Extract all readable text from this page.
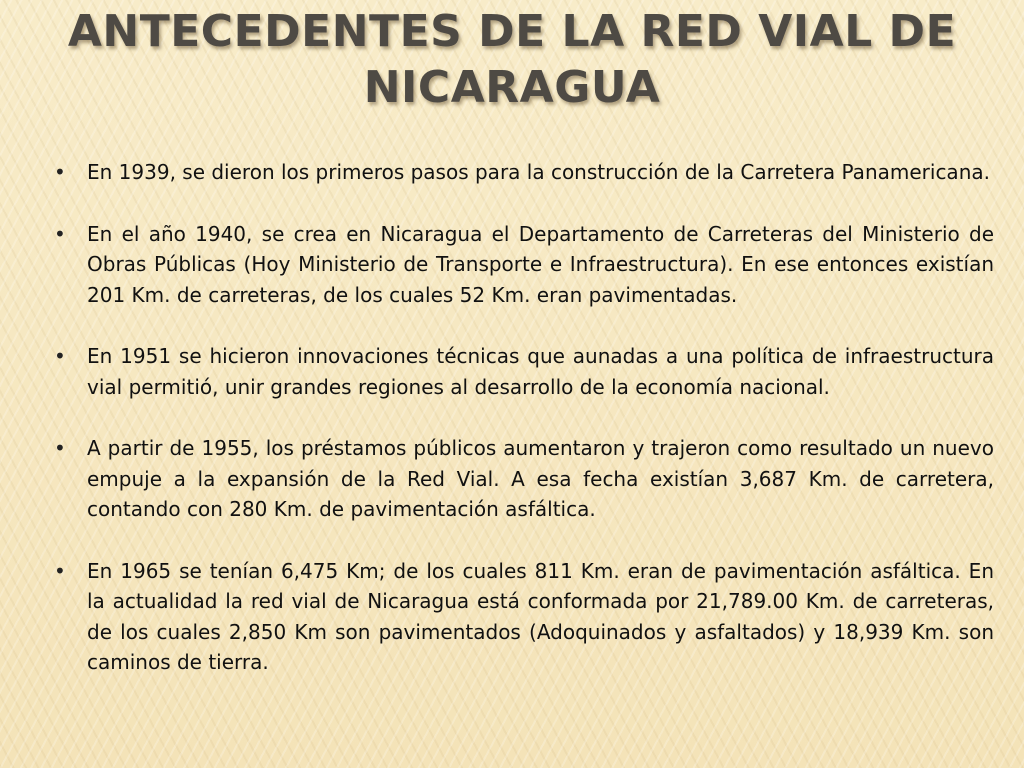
ANTECEDENTES DE LA RED VIAL DE NICARAGUA
• En 1939, se dieron los primeros pasos para la construcción de la Carretera Panamericana.
• En el año 1940, se crea en Nicaragua el Departamento de Carreteras del Ministerio de Obras Públicas (Hoy Ministerio de Transporte e Infraestructura). En ese entonces existían 201 Km. de carreteras, de los cuales 52 Km. eran pavimentadas.
• En 1951 se hicieron innovaciones técnicas que aunadas a una política de infraestructura vial permitió, unir grandes regiones al desarrollo de la economía nacional.
• A partir de 1955, los préstamos públicos aumentaron y trajeron como resultado un nuevo empuje a la expansión de la Red Vial. A esa fecha existían 3,687 Km. de carretera, contando con 280 Km. de pavimentación asfáltica.
• En 1965 se tenían 6,475 Km; de los cuales 811 Km. eran de pavimentación asfáltica. En la actualidad la red vial de Nicaragua está conformada por 21,789.00 Km. de carreteras, de los cuales 2,850 Km son pavimentados (Adoquinados y asfaltados) y 18,939 Km. son caminos de tierra.
